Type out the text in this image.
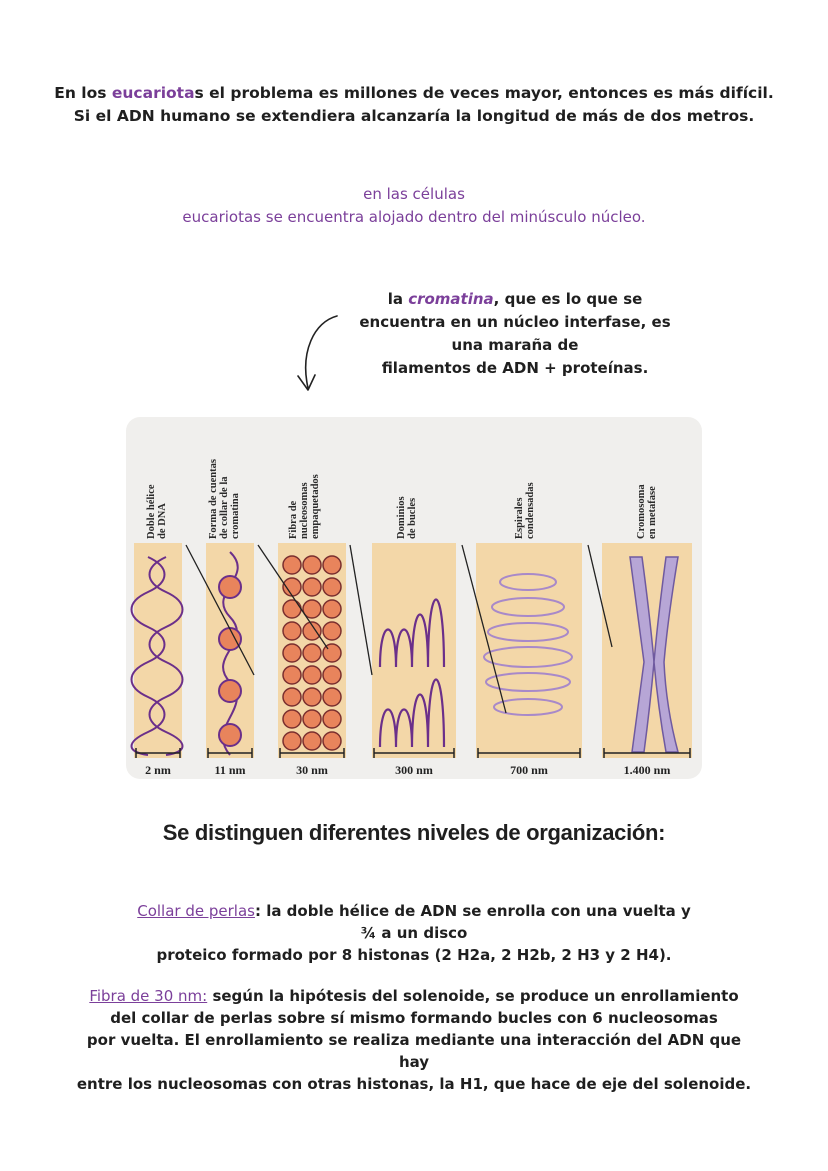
En los eucariotas el problema es millones de veces mayor, entonces es más difícil.
Si el ADN humano se extendiera alcanzaría la longitud de más de dos metros.
en las células
eucariotas se encuentra alojado dentro del minúsculo núcleo.
la cromatina, que es lo que se
encuentra en un núcleo interfase, es
una maraña de
filamentos de ADN + proteínas.
Doble hélice
de DNA	Forma de cuentas
de collar de la
cromatina	Fibra de
nucleosomas
empaquetados	Dominios
de bucles	Espirales
condensadas	Cromosoma
en metafase
2 nm	11 nm	30 nm	300 nm	700 nm	1.400 nm
Se distinguen diferentes niveles de organización:
Collar de perlas: la doble hélice de ADN se enrolla con una vuelta y
¾ a un disco
proteico formado por 8 histonas (2 H2a, 2 H2b, 2 H3 y 2 H4).
Fibra de 30 nm: según la hipótesis del solenoide, se produce un enrollamiento
del collar de perlas sobre sí mismo formando bucles con 6 nucleosomas
por vuelta. El enrollamiento se realiza mediante una interacción del ADN que hay
entre los nucleosomas con otras histonas, la H1, que hace de eje del solenoide.
